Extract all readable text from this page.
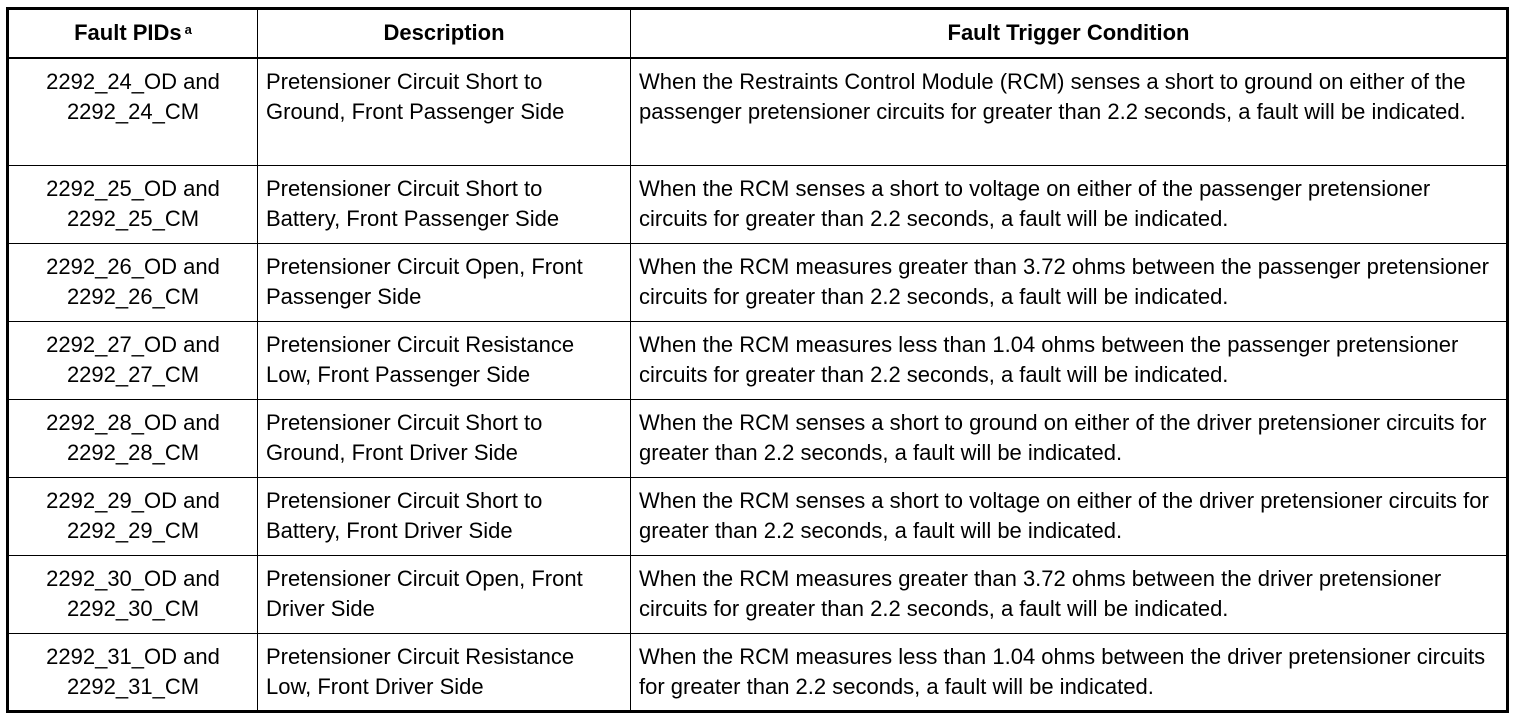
Fault PIDs $^a$	Description	Fault Trigger Condition

2292_24_OD and
2292_24_CM	Pretensioner Circuit Short to Ground, Front Passenger Side	When the Restraints Control Module (RCM) senses a short to ground on either of the passenger pretensioner circuits for greater than 2.2 seconds, a fault will be indicated.

2292_25_OD and
2292_25_CM	Pretensioner Circuit Short to Battery, Front Passenger Side	When the RCM senses a short to voltage on either of the passenger pretensioner circuits for greater than 2.2 seconds, a fault will be indicated.

2292_26_OD and
2292_26_CM	Pretensioner Circuit Open, Front Passenger Side	When the RCM measures greater than 3.72 ohms between the passenger pretensioner circuits for greater than 2.2 seconds, a fault will be indicated.

2292_27_OD and
2292_27_CM	Pretensioner Circuit Resistance Low, Front Passenger Side	When the RCM measures less than 1.04 ohms between the passenger pretensioner circuits for greater than 2.2 seconds, a fault will be indicated.

2292_28_OD and
2292_28_CM	Pretensioner Circuit Short to Ground, Front Driver Side	When the RCM senses a short to ground on either of the driver pretensioner circuits for greater than 2.2 seconds, a fault will be indicated.

2292_29_OD and
2292_29_CM	Pretensioner Circuit Short to Battery, Front Driver Side	When the RCM senses a short to voltage on either of the driver pretensioner circuits for greater than 2.2 seconds, a fault will be indicated.

2292_30_OD and
2292_30_CM	Pretensioner Circuit Open, Front Driver Side	When the RCM measures greater than 3.72 ohms between the driver pretensioner circuits for greater than 2.2 seconds, a fault will be indicated.

2292_31_OD and
2292_31_CM	Pretensioner Circuit Resistance Low, Front Driver Side	When the RCM measures less than 1.04 ohms between the driver pretensioner circuits for greater than 2.2 seconds, a fault will be indicated.
